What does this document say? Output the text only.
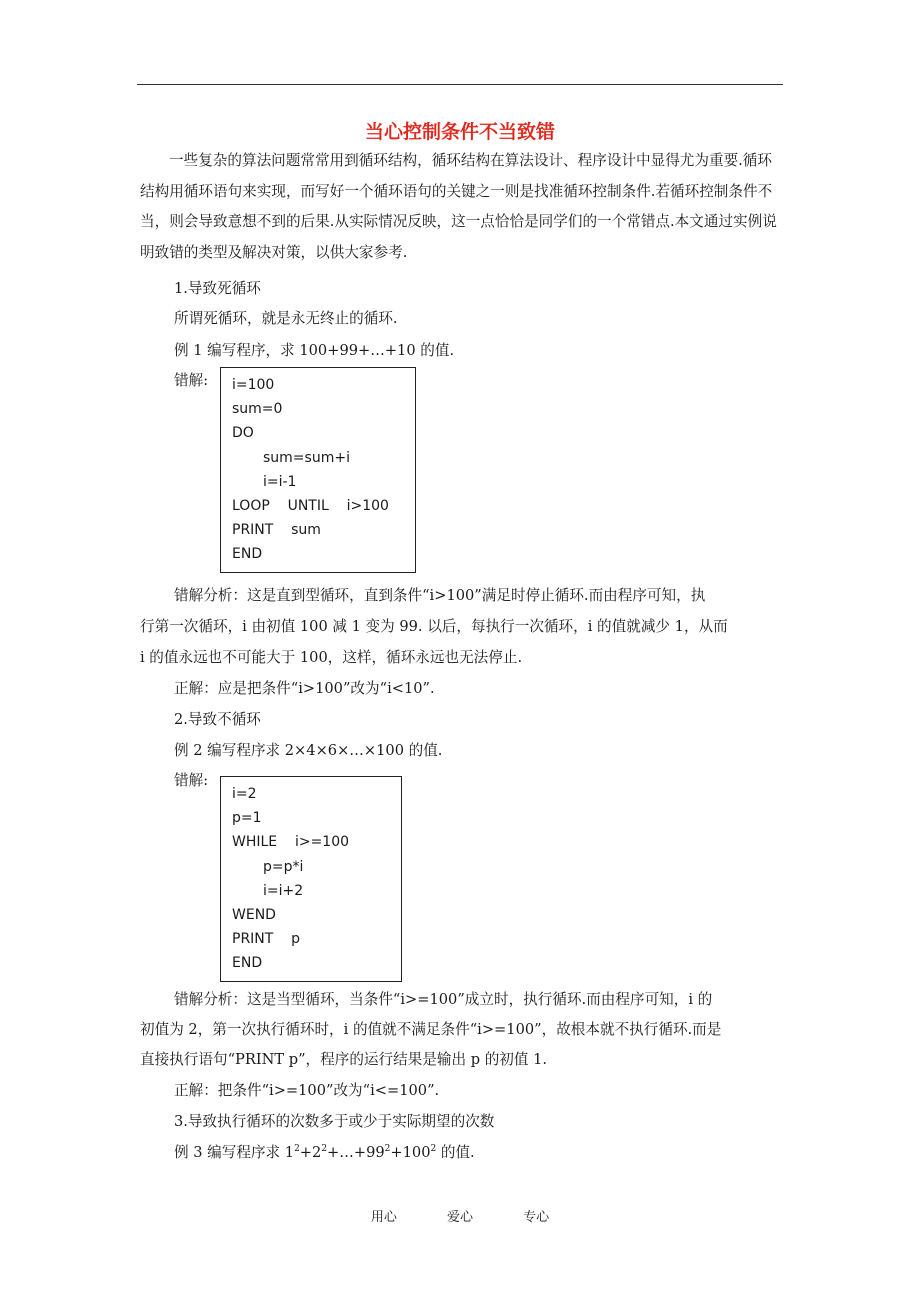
当心控制条件不当致错
一些复杂的算法问题常常用到循环结构，循环结构在算法设计、程序设计中显得尤为重要.循环结构用循环语句来实现，而写好一个循环语句的关键之一则是找准循环控制条件.若循环控制条件不当，则会导致意想不到的后果.从实际情况反映，这一点恰恰是同学们的一个常错点.本文通过实例说明致错的类型及解决对策，以供大家参考.
1.导致死循环
所谓死循环，就是永无终止的循环.
例 1 编写程序，求 100+99+…+10 的值.
错解: i=100
sum=0
DO
sum=sum+i
i=i-1
LOOP    UNTIL    i>100
PRINT    sum
END
错解分析：这是直到型循环，直到条件“i>100”满足时停止循环.而由程序可知，执
行第一次循环，i 由初值 100 减 1 变为 99. 以后，每执行一次循环，i 的值就减少 1，从而
i 的值永远也不可能大于 100，这样，循环永远也无法停止.
正解：应是把条件“i>100”改为“i<10”.
2.导致不循环
例 2 编写程序求 2×4×6×…×100 的值.
错解:
i=2
p=1
WHILE    i>=100
p=p*i
i=i+2
WEND
PRINT    p
END
错解分析：这是当型循环，当条件“i>=100”成立时，执行循环.而由程序可知，i 的
初值为 2，第一次执行循环时，i 的值就不满足条件“i>=100”，故根本就不执行循环.而是
直接执行语句“PRINT p”，程序的运行结果是输出 p 的初值 1.
正解：把条件“i>=100”改为“i<=100”.
3.导致执行循环的次数多于或少于实际期望的次数
例 3 编写程序求 $1^2+2^2+\dots+99^2+100^2$ 的值.
用心	爱心	专心
